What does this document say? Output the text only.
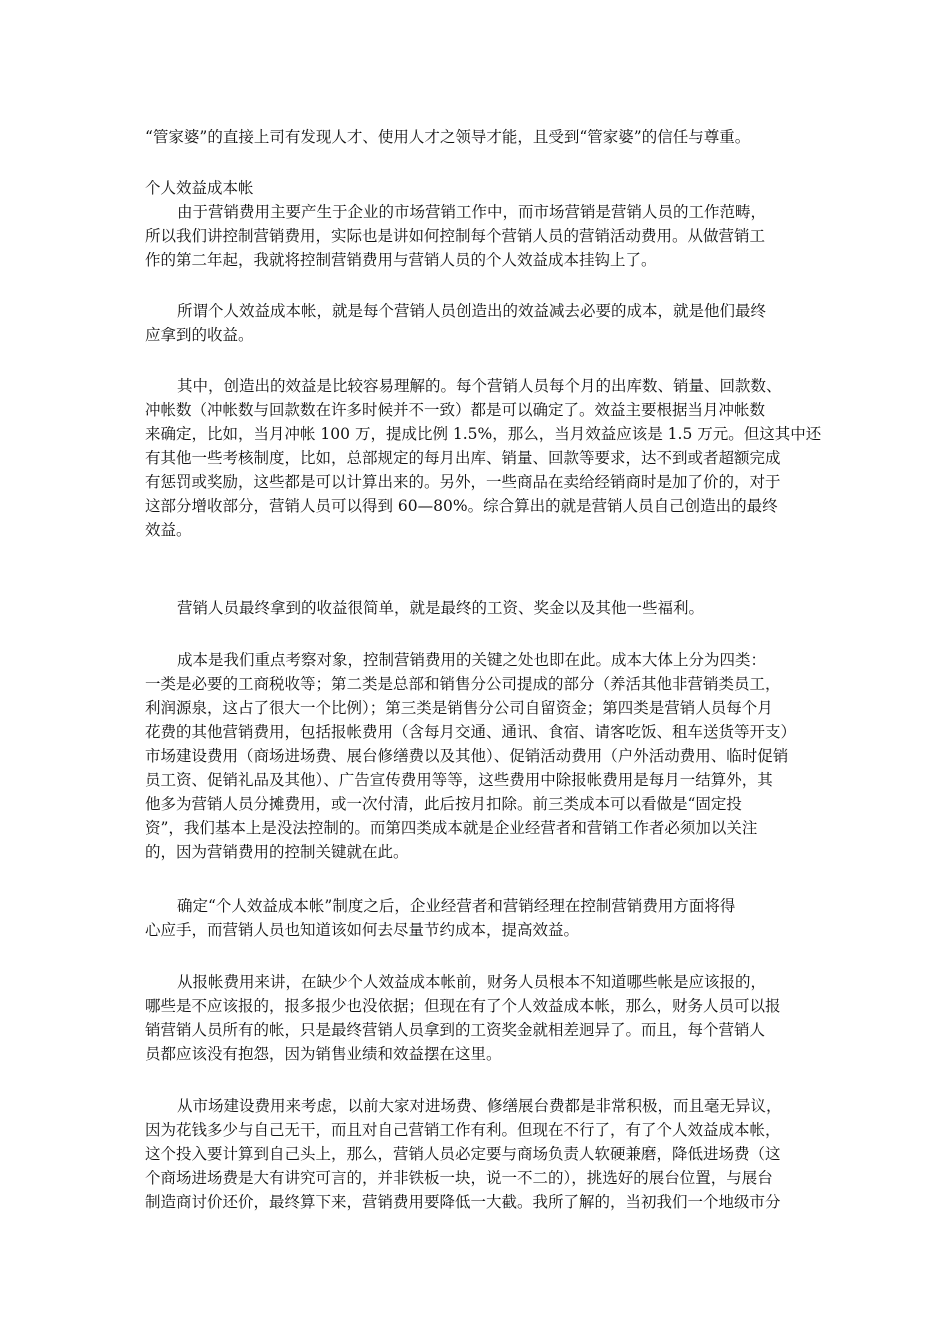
“管家婆”的直接上司有发现人才、使用人才之领导才能，且受到“管家婆”的信任与尊重。
个人效益成本帐
由于营销费用主要产生于企业的市场营销工作中，而市场营销是营销人员的工作范畴，
所以我们讲控制营销费用，实际也是讲如何控制每个营销人员的营销活动费用。从做营销工
作的第二年起，我就将控制营销费用与营销人员的个人效益成本挂钩上了。
所谓个人效益成本帐，就是每个营销人员创造出的效益减去必要的成本，就是他们最终
应拿到的收益。
其中，创造出的效益是比较容易理解的。每个营销人员每个月的出库数、销量、回款数、
冲帐数（冲帐数与回款数在许多时候并不一致）都是可以确定了。效益主要根据当月冲帐数
来确定，比如，当月冲帐 100 万，提成比例 1.5%，那么，当月效益应该是 1.5 万元。但这其中还
有其他一些考核制度，比如，总部规定的每月出库、销量、回款等要求，达不到或者超额完成
有惩罚或奖励，这些都是可以计算出来的。另外，一些商品在卖给经销商时是加了价的，对于
这部分增收部分，营销人员可以得到 60—80%。综合算出的就是营销人员自己创造出的最终
效益。
营销人员最终拿到的收益很简单，就是最终的工资、奖金以及其他一些福利。
成本是我们重点考察对象，控制营销费用的关键之处也即在此。成本大体上分为四类：
一类是必要的工商税收等；第二类是总部和销售分公司提成的部分（养活其他非营销类员工，
利润源泉，这占了很大一个比例）；第三类是销售分公司自留资金；第四类是营销人员每个月
花费的其他营销费用，包括报帐费用（含每月交通、通讯、食宿、请客吃饭、租车送货等开支）
市场建设费用（商场进场费、展台修缮费以及其他）、促销活动费用（户外活动费用、临时促销
员工资、促销礼品及其他）、广告宣传费用等等，这些费用中除报帐费用是每月一结算外，其
他多为营销人员分摊费用，或一次付清，此后按月扣除。前三类成本可以看做是“固定投
资”，我们基本上是没法控制的。而第四类成本就是企业经营者和营销工作者必须加以关注
的，因为营销费用的控制关键就在此。
确定“个人效益成本帐”制度之后，企业经营者和营销经理在控制营销费用方面将得
心应手，而营销人员也知道该如何去尽量节约成本，提高效益。
从报帐费用来讲，在缺少个人效益成本帐前，财务人员根本不知道哪些帐是应该报的，
哪些是不应该报的，报多报少也没依据；但现在有了个人效益成本帐，那么，财务人员可以报
销营销人员所有的帐，只是最终营销人员拿到的工资奖金就相差迥异了。而且，每个营销人
员都应该没有抱怨，因为销售业绩和效益摆在这里。
从市场建设费用来考虑，以前大家对进场费、修缮展台费都是非常积极，而且毫无异议，
因为花钱多少与自己无干，而且对自己营销工作有利。但现在不行了，有了个人效益成本帐，
这个投入要计算到自己头上，那么，营销人员必定要与商场负责人软硬兼磨，降低进场费（这
个商场进场费是大有讲究可言的，并非铁板一块，说一不二的），挑选好的展台位置，与展台
制造商讨价还价，最终算下来，营销费用要降低一大截。我所了解的，当初我们一个地级市分
